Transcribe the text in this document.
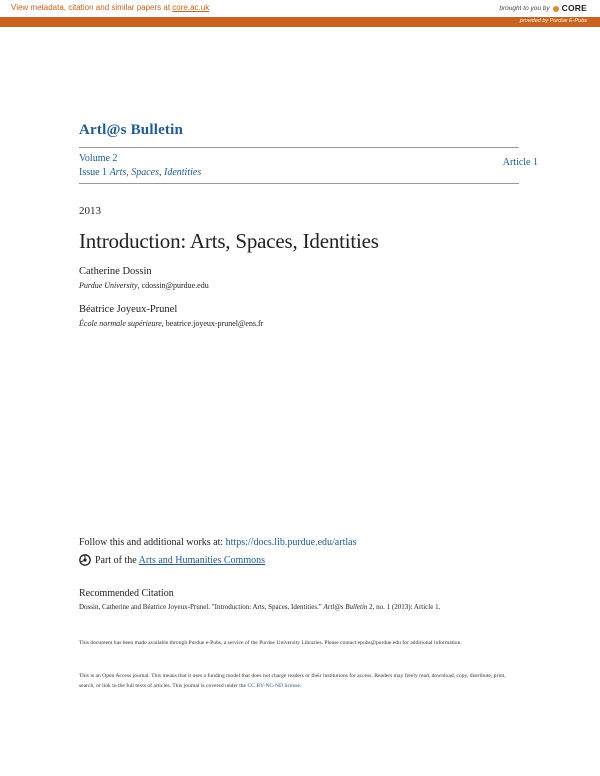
View metadata, citation and similar papers at core.ac.uk	brought to you by CORE
provided by Purdue E-Pubs
Artl@s Bulletin
Volume 2
Issue 1 Arts, Spaces, Identities
Article 1
2013
Introduction: Arts, Spaces, Identities
Catherine Dossin
Purdue University, cdossin@purdue.edu
Béatrice Joyeux-Prunel
École normale supérieure, beatrice.joyeux-prunel@ens.fr
Follow this and additional works at: https://docs.lib.purdue.edu/artlas
Part of the Arts and Humanities Commons
Recommended Citation
Dossin, Catherine and Béatrice Joyeux-Prunel. "Introduction: Arts, Spaces, Identities." Artl@s Bulletin 2, no. 1 (2013): Article 1.
This document has been made available through Purdue e-Pubs, a service of the Purdue University Libraries. Please contact epubs@purdue.edu for additional information.
This is an Open Access journal. This means that it uses a funding model that does not charge readers or their institutions for access. Readers may freely read, download, copy, distribute, print, search, or link to the full texts of articles. This journal is covered under the CC BY-NC-ND license.
